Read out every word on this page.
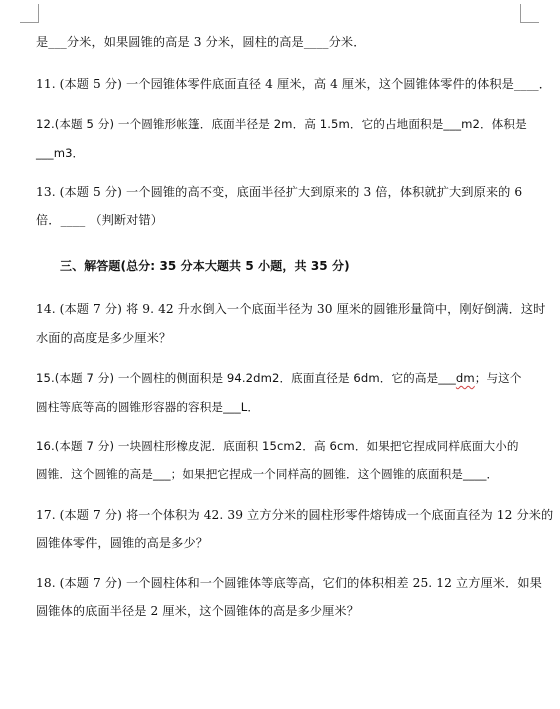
是___分米，如果圆锥的高是 3 分米，圆柱的高是____分米．
11. (本题 5 分) 一个园锥体零件底面直径 4 厘米，高 4 厘米，这个圆锥体零件的体积是____．
12.(本题 5 分) 一个圆锥形帐篷．底面半径是 2m．高 1.5m．它的占地面积是___m2．体积是
___m3．
13. (本题 5 分) 一个圆锥的高不变，底面半径扩大到原来的 3 倍，体积就扩大到原来的 6
倍．____ （判断对错）
三、解答题(总分: 35 分本大题共 5 小题，共 35 分)
14. (本题 7 分) 将 9. 42 升水倒入一个底面半径为 30 厘米的圆锥形量筒中，刚好倒满．这时
水面的高度是多少厘米？
15.(本题 7 分) 一个圆柱的侧面积是 94.2dm2．底面直径是 6dm．它的高是___dm；与这个
圆柱等底等高的圆锥形容器的容积是___L．
16.(本题 7 分) 一块圆柱形橡皮泥．底面积 15cm2．高 6cm．如果把它捏成同样底面大小的
圆锥．这个圆锥的高是___；如果把它捏成一个同样高的圆锥．这个圆锥的底面积是____．
17. (本题 7 分) 将一个体积为 42. 39 立方分米的圆柱形零件熔铸成一个底面直径为 12 分米的
圆锥体零件，圆锥的高是多少？
18. (本题 7 分) 一个圆柱体和一个圆锥体等底等高，它们的体积相差 25. 12 立方厘米．如果
圆锥体的底面半径是 2 厘米，这个圆锥体的高是多少厘米？
